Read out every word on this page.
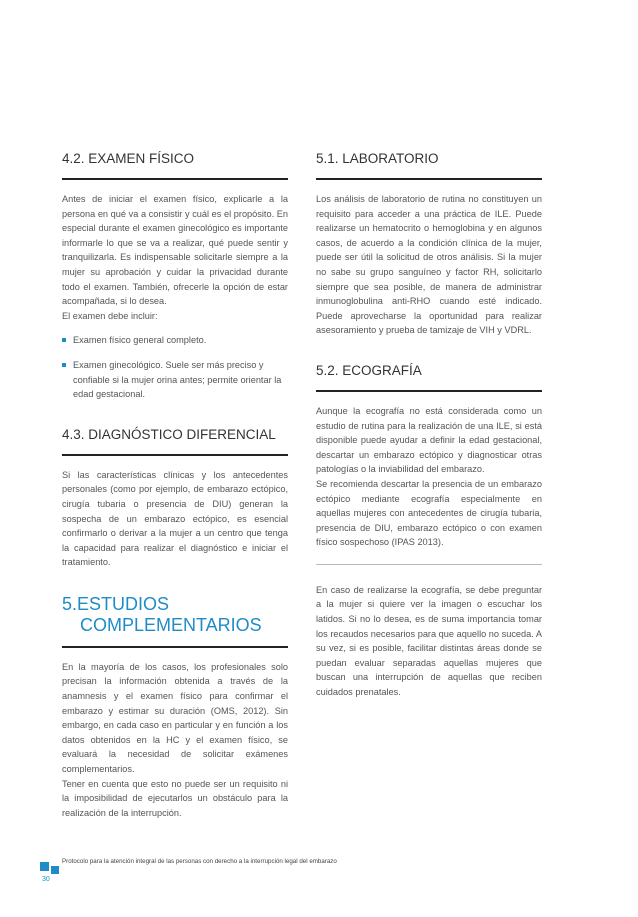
4.2. EXAMEN FÍSICO

Antes de iniciar el examen físico, explicarle a la persona en qué va a consistir y cuál es el propósito. En especial durante el examen ginecológico es importante informarle lo que se va a realizar, qué puede sentir y tranquilizarla. Es indispensable solicitarle siempre a la mujer su aprobación y cuidar la privacidad durante todo el examen. También, ofrecerle la opción de estar acompañada, si lo desea.

El examen debe incluir:

Examen físico general completo.
Examen ginecológico. Suele ser más preciso y confiable si la mujer orina antes; permite orientar la edad gestacional.
4.3. DIAGNÓSTICO DIFERENCIAL

Si las características clínicas y los antecedentes personales (como por ejemplo, de embarazo ectópico, cirugía tubaria o presencia de DIU) generan la sospecha de un embarazo ectópico, es esencial confirmarlo o derivar a la mujer a un centro que tenga la capacidad para realizar el diagnóstico e iniciar el tratamiento.

5.ESTUDIOS
COMPLEMENTARIOS

En la mayoría de los casos, los profesionales solo precisan la información obtenida a través de la anamnesis y el examen físico para confirmar el embarazo y estimar su duración (OMS, 2012). Sin embargo, en cada caso en particular y en función a los datos obtenidos en la HC y el examen físico, se evaluará la necesidad de solicitar exámenes complementarios.

Tener en cuenta que esto no puede ser un requisito ni la imposibilidad de ejecutarlos un obstáculo para la realización de la interrupción.

5.1. LABORATORIO

Los análisis de laboratorio de rutina no constituyen un requisito para acceder a una práctica de ILE. Puede realizarse un hematocrito o hemoglobina y en algunos casos, de acuerdo a la condición clínica de la mujer, puede ser útil la solicitud de otros análisis. Si la mujer no sabe su grupo sanguíneo y factor RH, solicitarlo siempre que sea posible, de manera de administrar inmunoglobulina anti-RHO cuando esté indicado. Puede aprovecharse la oportunidad para realizar asesoramiento y prueba de tamizaje de VIH y VDRL.

5.2. ECOGRAFÍA

Aunque la ecografía no está considerada como un estudio de rutina para la realización de una ILE, si está disponible puede ayudar a definir la edad gestacional, descartar un embarazo ectópico y diagnosticar otras patologías o la inviabilidad del embarazo.

Se recomienda descartar la presencia de un embarazo ectópico mediante ecografía especialmente en aquellas mujeres con antecedentes de cirugía tubaria, presencia de DIU, embarazo ectópico o con examen físico sospechoso (IPAS 2013).

En caso de realizarse la ecografía, se debe preguntar a la mujer si quiere ver la imagen o escuchar los latidos. Si no lo desea, es de suma importancia tomar los recaudos necesarios para que aquello no suceda. A su vez, si es posible, facilitar distintas áreas donde se puedan evaluar separadas aquellas mujeres que buscan una interrupción de aquellas que reciben cuidados prenatales.

30
Protocolo para la atención integral de las personas con derecho a la interrupción legal del embarazo
